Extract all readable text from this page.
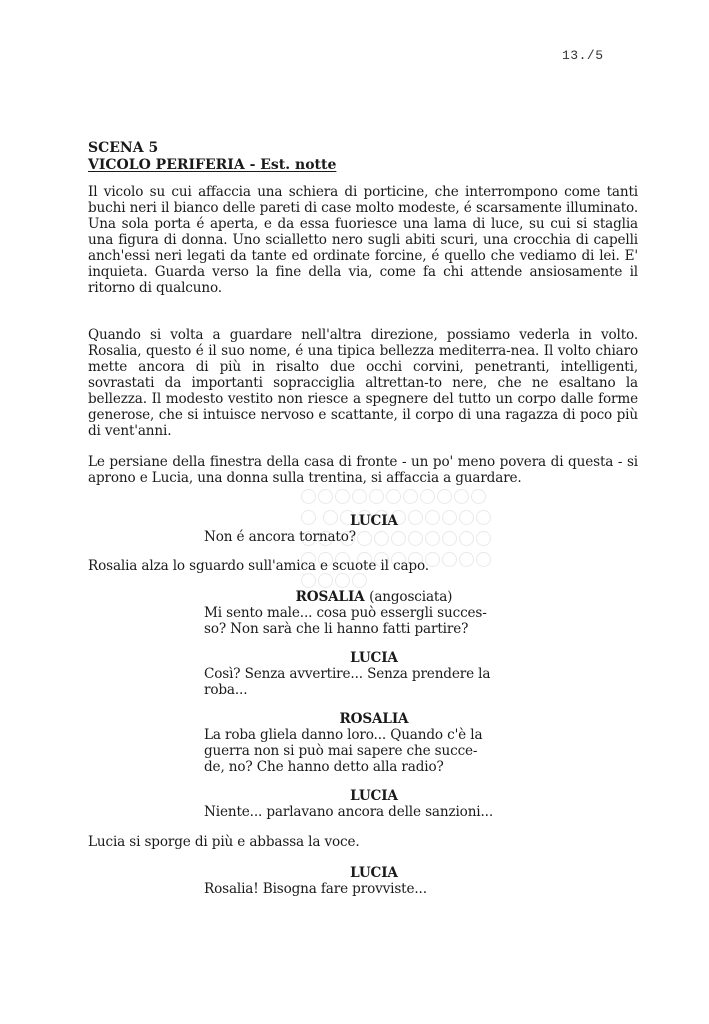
13./5
SCENA 5
VICOLO PERIFERIA - Est. notte
Il vicolo su cui affaccia una schiera di porticine, che interrompono come tanti buchi neri il bianco delle pareti di case molto modeste, é scarsamente illuminato. Una sola porta é aperta, e da essa fuoriesce una lama di luce, su cui si staglia una figura di donna. Uno scialletto nero sugli abiti scuri, una crocchia di capelli anch'essi neri legati da tante ed ordinate forcine, é quello che vediamo di lei. E' inquieta. Guarda verso la fine della via, come fa chi attende ansiosamente il ritorno di qualcuno.
Quando si volta a guardare nell'altra direzione, possiamo vederla in volto. Rosalia, questo é il suo nome, é una tipica bellezza mediterra-nea. Il volto chiaro mette ancora di più in risalto due occhi corvini, penetranti, intelligenti, sovrastati da importanti sopracciglia altrettan-to nere, che ne esaltano la bellezza. Il modesto vestito non riesce a spegnere del tutto un corpo dalle forme generose, che si intuisce nervoso e scattante, il corpo di una ragazza di poco più di vent'anni.
Le persiane della finestra della casa di fronte - un po' meno povera di questa - si aprono e Lucia, una donna sulla trentina, si affaccia a guardare.

LUCIA
Non é ancora tornato?
Rosalia alza lo sguardo sull'amica e scuote il capo.
ROSALIA (angosciata)
Mi sento male... cosa può essergli succes-
so? Non sarà che li hanno fatti partire?
LUCIA
Così? Senza avvertire... Senza prendere la
roba...
ROSALIA
La roba gliela danno loro... Quando c'è la
guerra non si può mai sapere che succe-
de, no? Che hanno detto alla radio?
LUCIA
Niente... parlavano ancora delle sanzioni...
Lucia si sporge di più e abbassa la voce.
LUCIA
Rosalia! Bisogna fare provviste...
